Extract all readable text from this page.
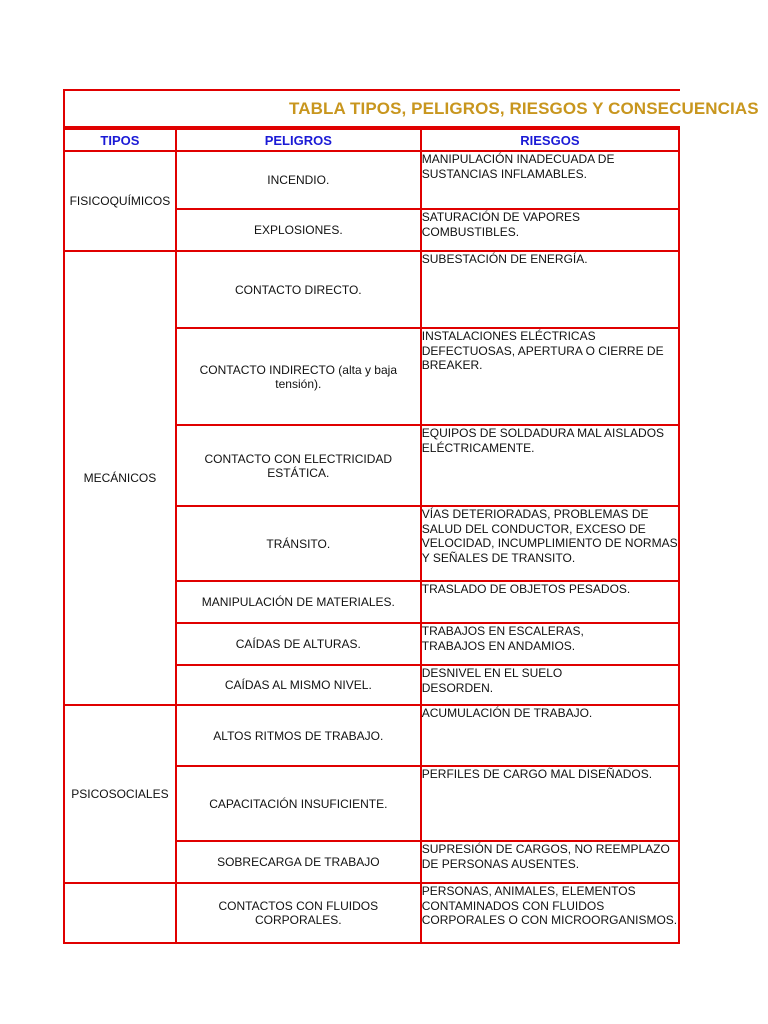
TABLA TIPOS, PELIGROS, RIESGOS Y CONSECUENCIAS
TIPOS	PELIGROS	RIESGOS
FISICOQUÍMICOS	INCENDIO.	MANIPULACIÓN INADECUADA DE SUSTANCIAS INFLAMABLES.
	EXPLOSIONES.	SATURACIÓN DE VAPORES COMBUSTIBLES.
MECÁNICOS	CONTACTO DIRECTO.	SUBESTACIÓN DE ENERGÍA.
	CONTACTO INDIRECTO (alta y baja tensión).	INSTALACIONES ELÉCTRICAS DEFECTUOSAS, APERTURA O CIERRE DE BREAKER.
	CONTACTO CON ELECTRICIDAD ESTÁTICA.	EQUIPOS DE SOLDADURA MAL AISLADOS ELÉCTRICAMENTE.
	TRÁNSITO.	VÍAS DETERIORADAS, PROBLEMAS DE SALUD DEL CONDUCTOR, EXCESO DE VELOCIDAD, INCUMPLIMIENTO DE NORMAS Y SEÑALES DE TRANSITO.
	MANIPULACIÓN DE MATERIALES.	TRASLADO DE OBJETOS PESADOS.
	CAÍDAS DE ALTURAS.	TRABAJOS EN ESCALERAS,
TRABAJOS EN ANDAMIOS.

	CAÍDAS AL MISMO NIVEL.	DESNIVEL EN EL SUELO
DESORDEN.

PSICOSOCIALES	ALTOS RITMOS DE TRABAJO.	ACUMULACIÓN DE TRABAJO.
	CAPACITACIÓN INSUFICIENTE.	PERFILES DE CARGO MAL DISEÑADOS.
	SOBRECARGA DE TRABAJO	SUPRESIÓN DE CARGOS, NO REEMPLAZO DE PERSONAS AUSENTES.
	CONTACTOS CON FLUIDOS CORPORALES.	PERSONAS, ANIMALES, ELEMENTOS CONTAMINADOS CON FLUIDOS CORPORALES O CON MICROORGANISMOS.
